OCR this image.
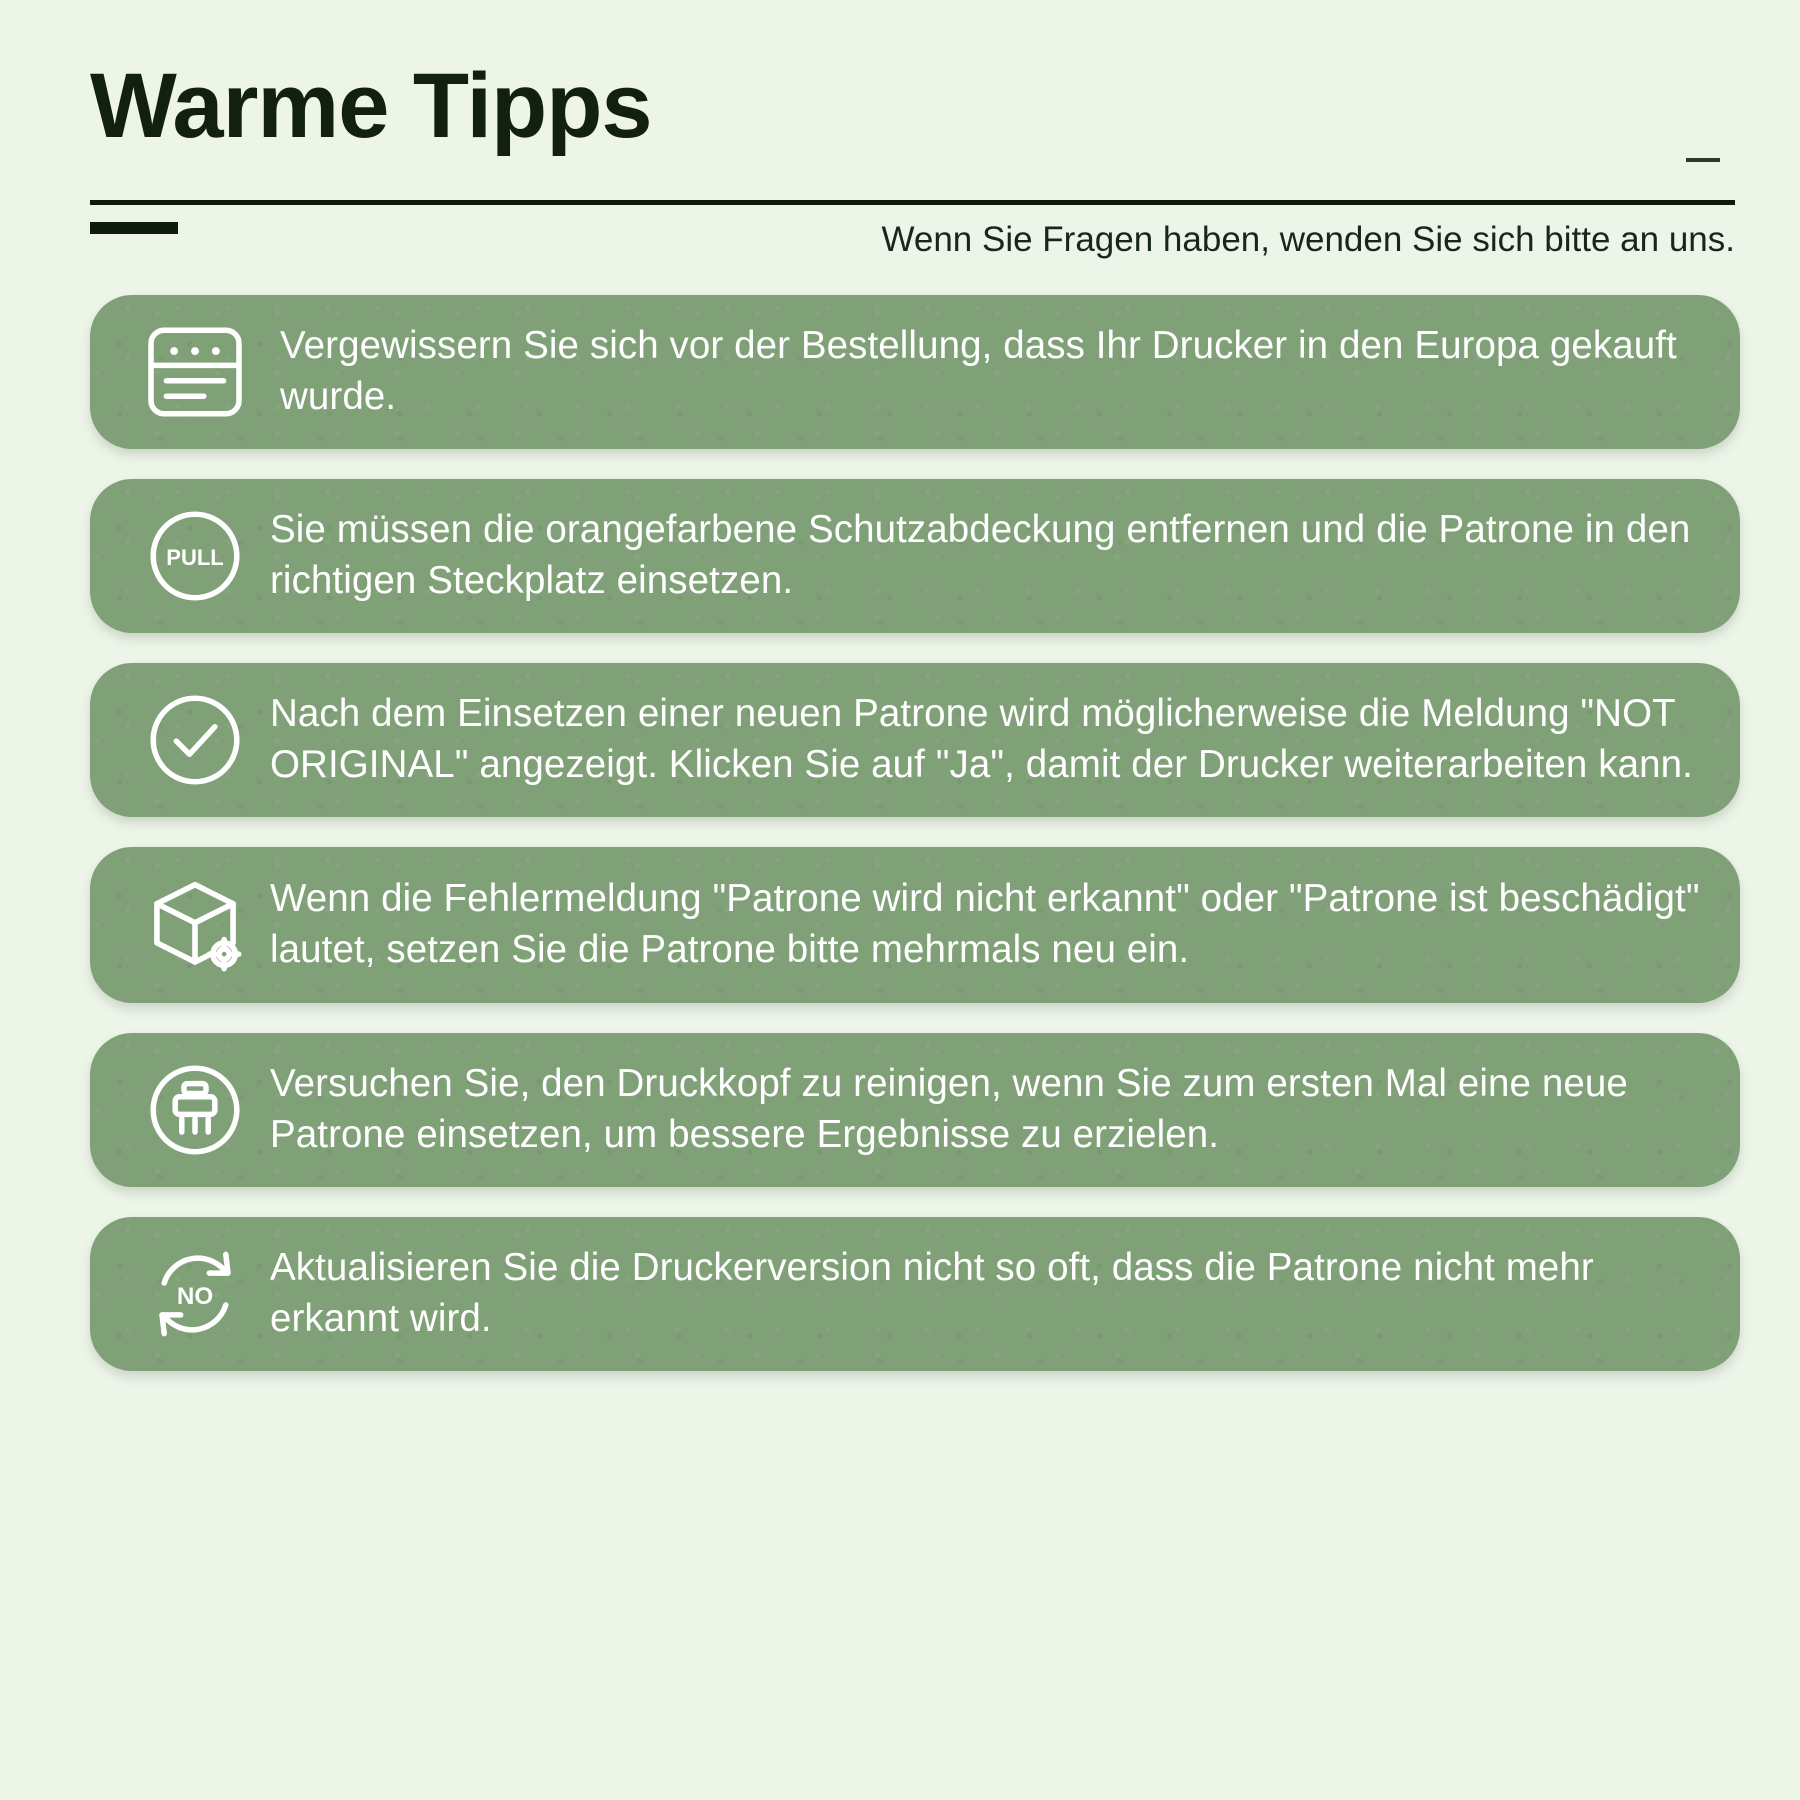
Warme Tipps
Wenn Sie Fragen haben, wenden Sie sich bitte an uns.
Vergewissern Sie sich vor der Bestellung, dass Ihr Drucker in den Europa gekauft wurde.
PULL
Sie müssen die orangefarbene Schutzabdeckung entfernen und die Patrone in den richtigen Steckplatz einsetzen.
Nach dem Einsetzen einer neuen Patrone wird möglicherweise die Meldung "NOT ORIGINAL" angezeigt. Klicken Sie auf "Ja", damit der Drucker weiterarbeiten kann.
Wenn die Fehlermeldung "Patrone wird nicht erkannt" oder "Patrone ist beschädigt" lautet, setzen Sie die Patrone bitte mehrmals neu ein.
Versuchen Sie, den Druckkopf zu reinigen, wenn Sie zum ersten Mal eine neue Patrone einsetzen, um bessere Ergebnisse zu erzielen.
NO
Aktualisieren Sie die Druckerversion nicht so oft, dass die Patrone nicht mehr erkannt wird.
